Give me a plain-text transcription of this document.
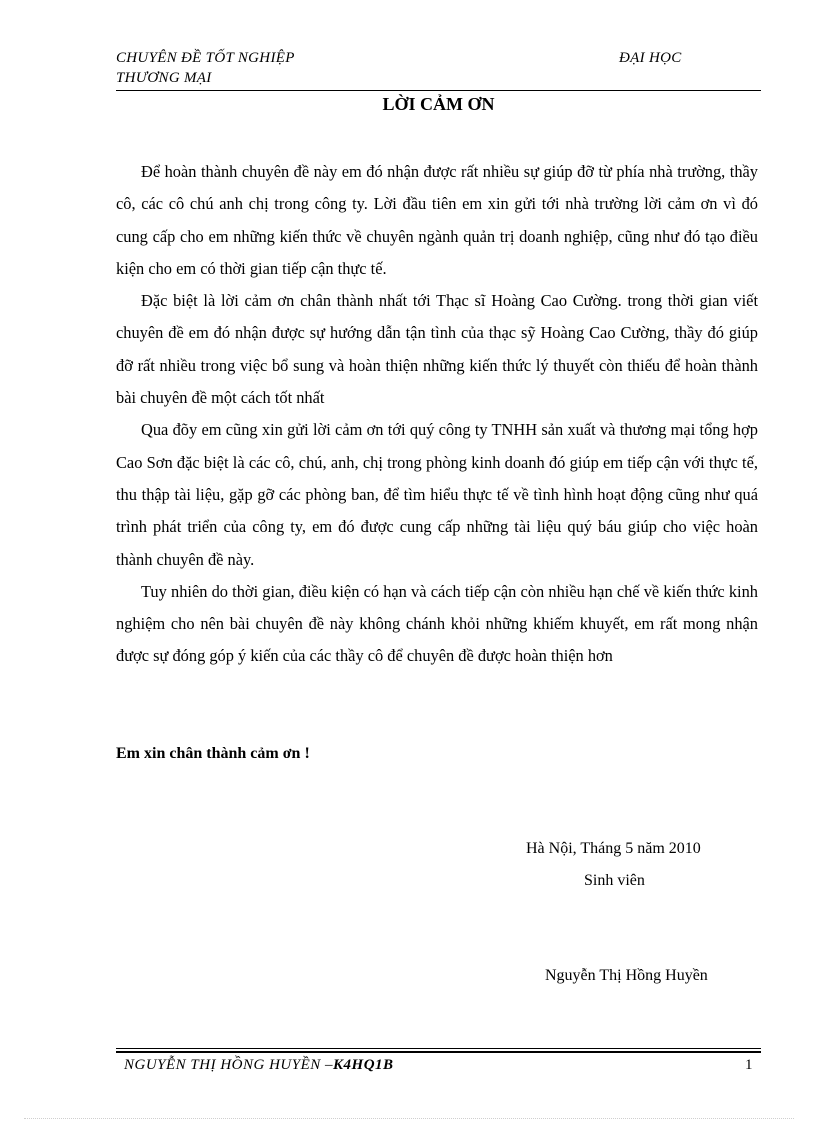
CHUYÊN ĐỀ TỐT NGHIỆP	ĐẠI HỌC
THƯƠNG MẠI
LỜI CẢM ƠN

Để hoàn thành chuyên đề này em đó nhận được rất nhiều sự giúp đỡ từ phía nhà trường, thầy cô, các cô chú anh chị trong công ty. Lời đầu tiên em xin gửi tới nhà trường lời cảm ơn vì đó cung cấp cho em những kiến thức về chuyên ngành quản trị doanh nghiệp, cũng như đó tạo điều kiện cho em có thời gian tiếp cận thực tế.

Đặc biệt là lời cảm ơn chân thành nhất tới Thạc sĩ Hoàng Cao Cường. trong thời gian viết chuyên đề em đó nhận được sự hướng dẫn tận tình của thạc sỹ Hoàng Cao Cường, thầy đó giúp đỡ rất nhiều trong việc bổ sung và hoàn thiện những kiến thức lý thuyết còn thiếu để hoàn thành bài chuyên đề một cách tốt nhất

Qua đõy em cũng xin gửi lời cảm ơn tới quý công ty TNHH sản xuất và thương mại tổng hợp Cao Sơn đặc biệt là các cô, chú, anh, chị trong phòng kinh doanh đó giúp em tiếp cận với thực tế, thu thập tài liệu, gặp gỡ các phòng ban, để tìm hiểu thực tế về tình hình hoạt động cũng như quá trình phát triển của công ty, em đó được cung cấp những tài liệu quý báu giúp cho việc hoàn thành chuyên đề này.

Tuy nhiên do thời gian, điều kiện có hạn và cách tiếp cận còn nhiều hạn chế về kiến thức kinh nghiệm cho nên bài chuyên đề này không chánh khỏi những khiếm khuyết, em rất mong nhận được sự đóng góp ý kiến của các thầy cô để chuyên đề được hoàn thiện hơn

Em xin chân thành cảm ơn !
Hà Nội, Tháng 5 năm 2010
Sinh viên
Nguyễn Thị Hồng Huyền
NGUYỄN THỊ HỒNG HUYỀN –K4HQ1B	1
